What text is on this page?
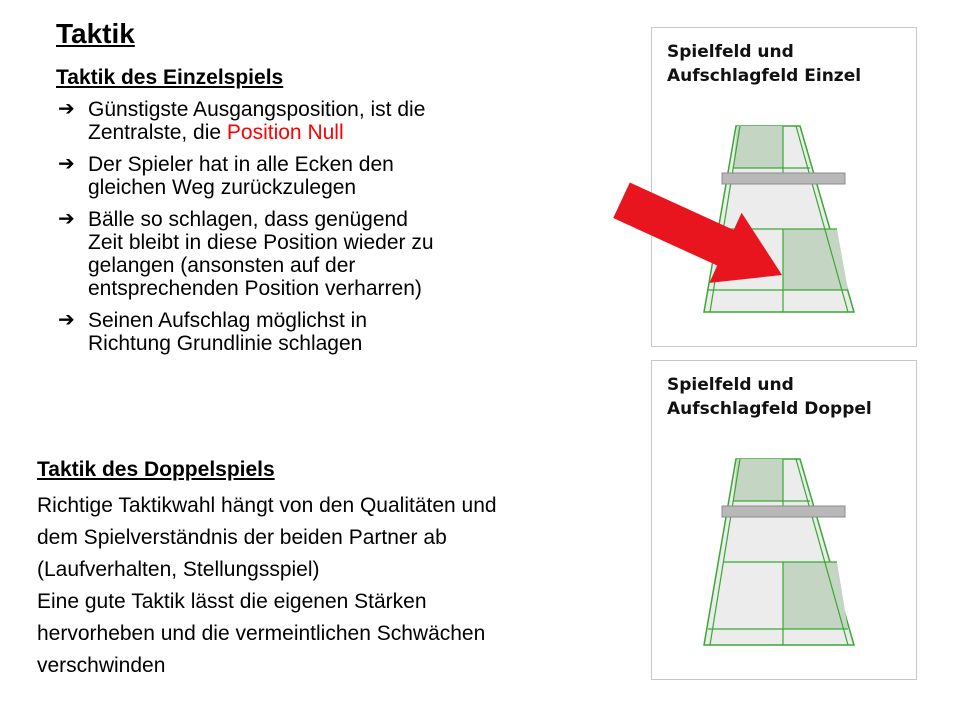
Taktik
Taktik des Einzelspiels
➔ Günstigste Ausgangsposition, ist die
Zentralste, die Position Null
➔ Der Spieler hat in alle Ecken den
gleichen Weg zurückzulegen
➔ Bälle so schlagen, dass genügend
Zeit bleibt in diese Position wieder zu
gelangen (ansonsten auf der
entsprechenden Position verharren)
➔ Seinen Aufschlag möglichst in
Richtung Grundlinie schlagen
Taktik des Doppelspiels
Richtige Taktikwahl hängt von den Qualitäten und
dem Spielverständnis der beiden Partner ab
(Laufverhalten, Stellungsspiel)
Eine gute Taktik lässt die eigenen Stärken
hervorheben und die vermeintlichen Schwächen
verschwinden
Spielfeld und
Aufschlagfeld Einzel
Spielfeld und
Aufschlagfeld Doppel
